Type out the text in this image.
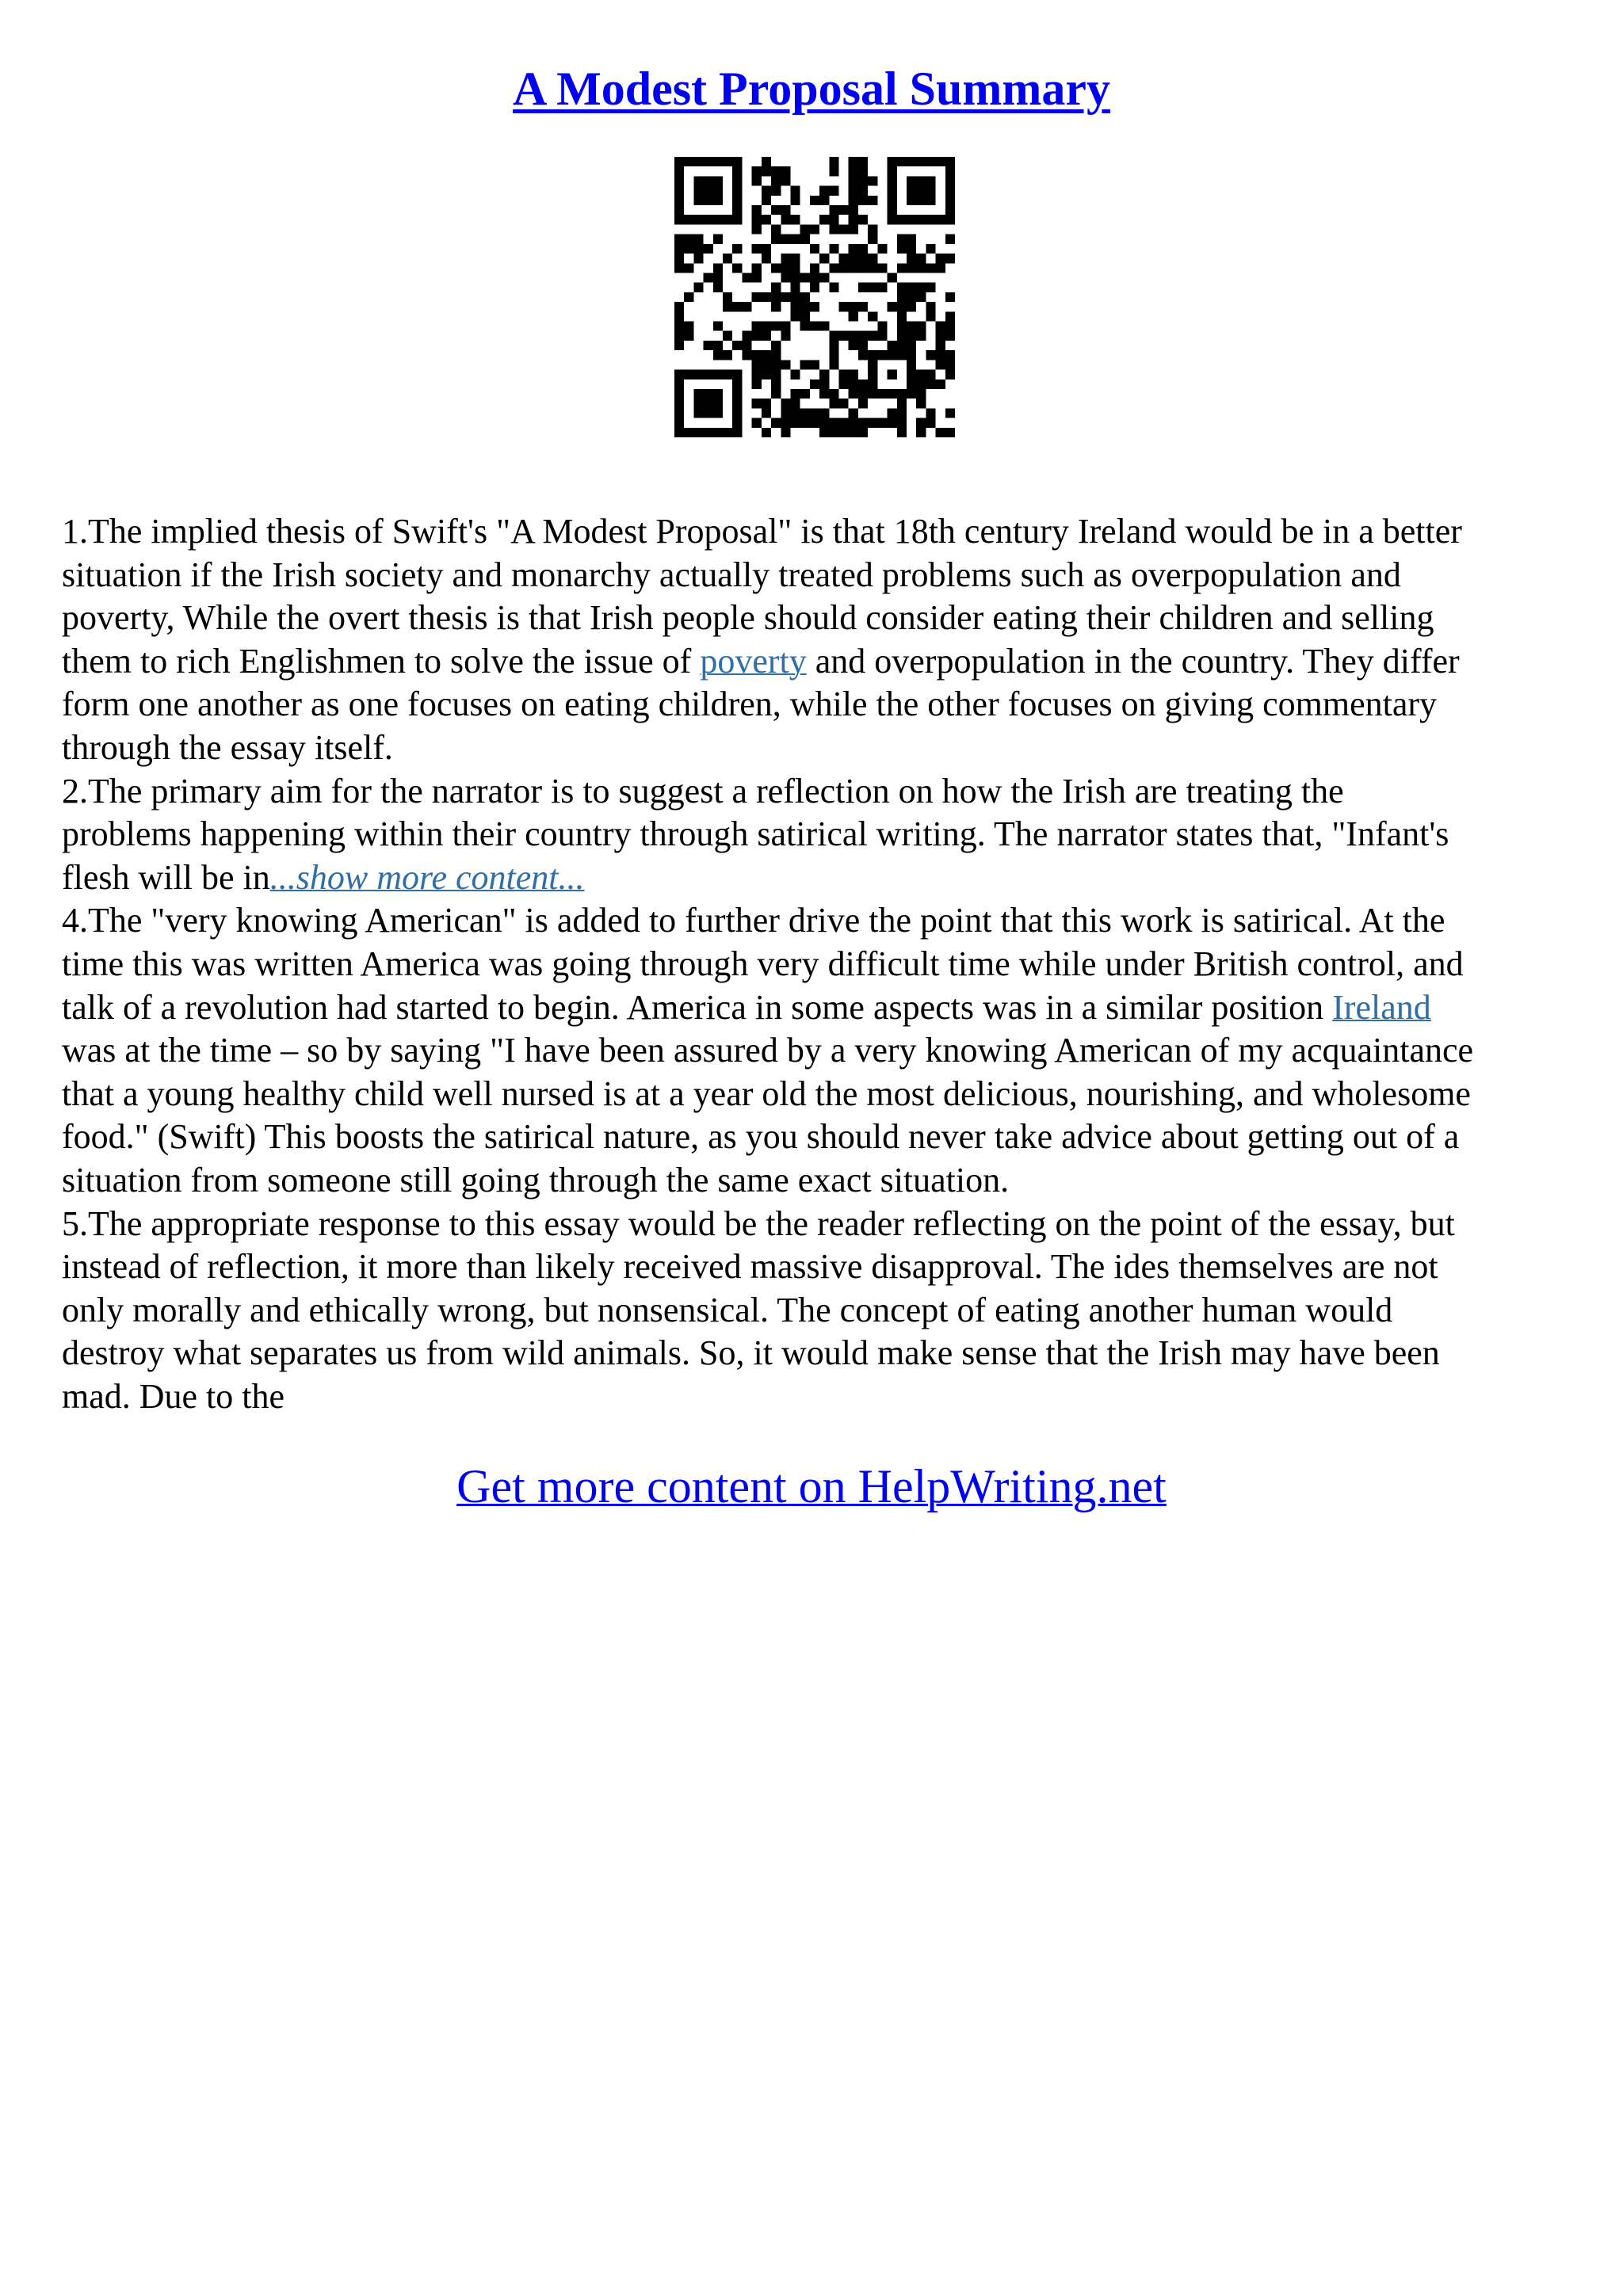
A Modest Proposal Summary
1.The implied thesis of Swift's "A Modest Proposal" is that 18th century Ireland would be in a better
situation if the Irish society and monarchy actually treated problems such as overpopulation and
poverty, While the overt thesis is that Irish people should consider eating their children and selling
them to rich Englishmen to solve the issue of poverty and overpopulation in the country. They differ
form one another as one focuses on eating children, while the other focuses on giving commentary
through the essay itself.
2.The primary aim for the narrator is to suggest a reflection on how the Irish are treating the
problems happening within their country through satirical writing. The narrator states that, "Infant's
flesh will be in...show more content...
4.The "very knowing American" is added to further drive the point that this work is satirical. At the
time this was written America was going through very difficult time while under British control, and
talk of a revolution had started to begin. America in some aspects was in a similar position Ireland
was at the time – so by saying "I have been assured by a very knowing American of my acquaintance
that a young healthy child well nursed is at a year old the most delicious, nourishing, and wholesome
food." (Swift) This boosts the satirical nature, as you should never take advice about getting out of a
situation from someone still going through the same exact situation.
5.The appropriate response to this essay would be the reader reflecting on the point of the essay, but
instead of reflection, it more than likely received massive disapproval. The ides themselves are not
only morally and ethically wrong, but nonsensical. The concept of eating another human would
destroy what separates us from wild animals. So, it would make sense that the Irish may have been
mad. Due to the
Get more content on HelpWriting.net
